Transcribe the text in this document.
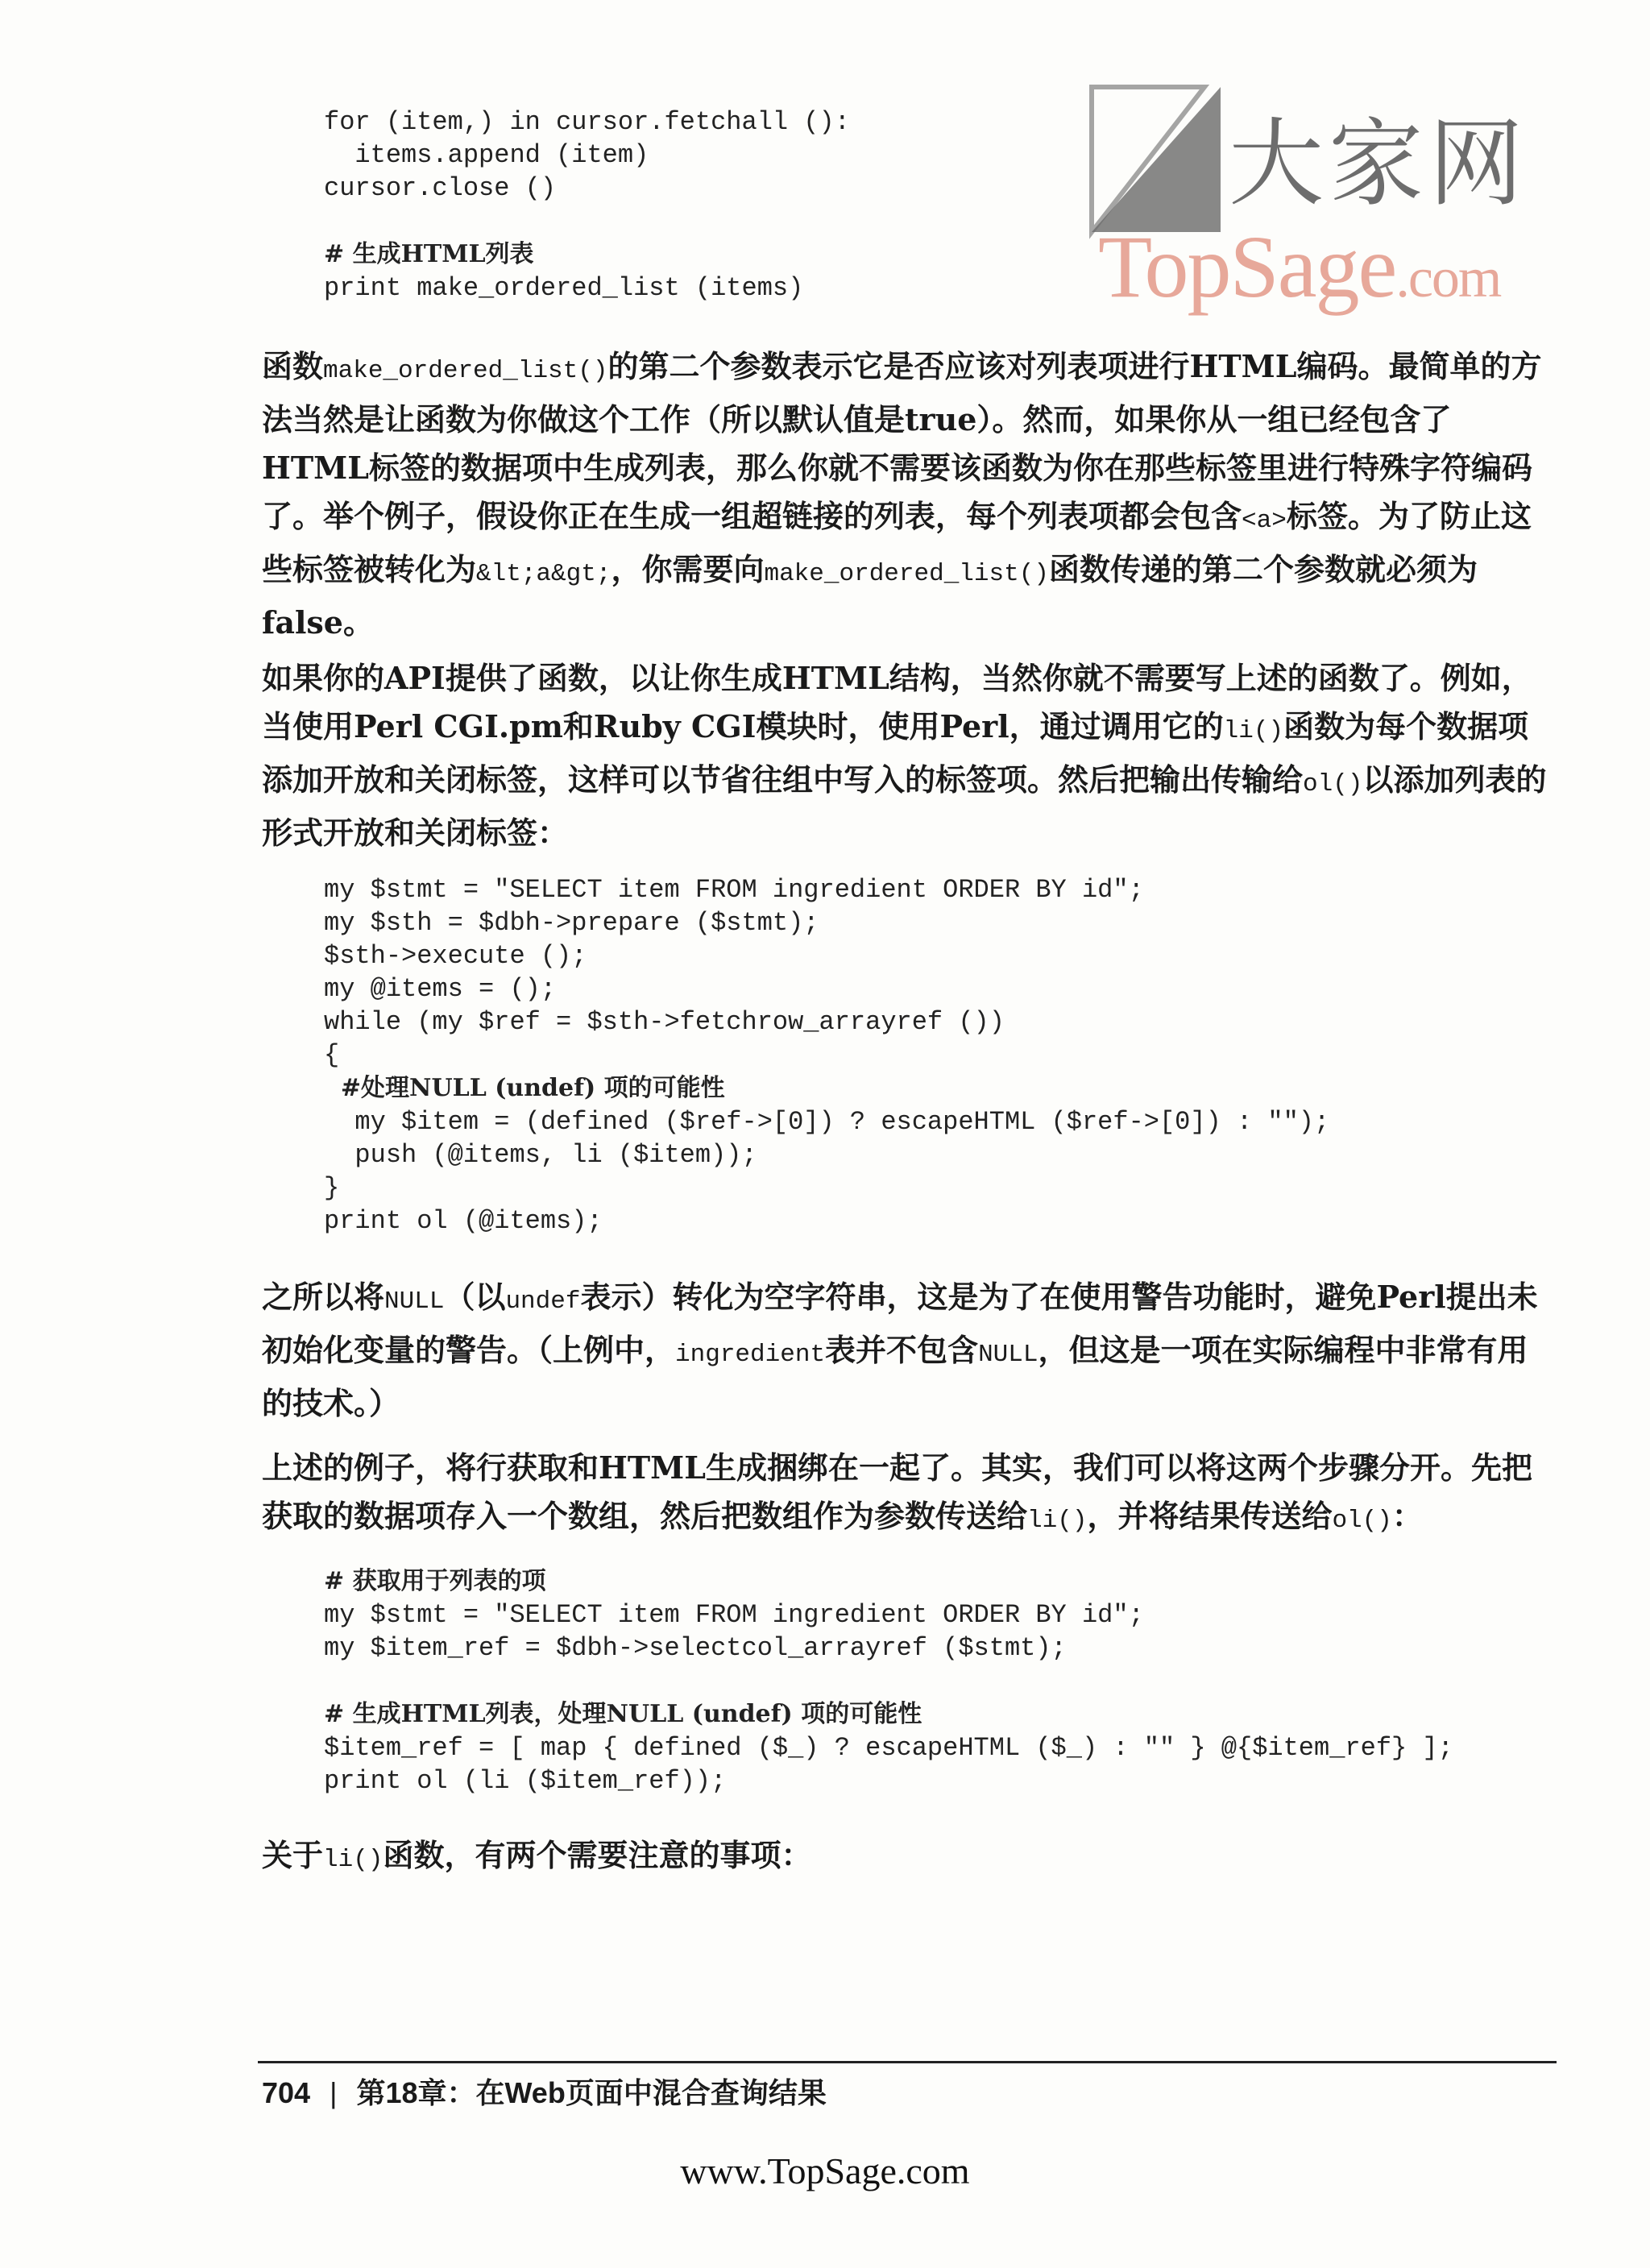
大家网
TopSage.com
for (item,) in cursor.fetchall ():
items.append (item)
cursor.close ()

# 生成HTML列表
print make_ordered_list (items)

函数make_ordered_list()的第二个参数表示它是否应该对列表项进行HTML编码。最简单的方法当然是让函数为你做这个工作（所以默认值是true）。然而，如果你从一组已经包含了HTML标签的数据项中生成列表，那么你就不需要该函数为你在那些标签里进行特殊字符编码了。举个例子，假设你正在生成一组超链接的列表，每个列表项都会包含<a>标签。为了防止这些标签被转化为&lt;a&gt;，你需要向make_ordered_list()函数传递的第二个参数就必须为false。

如果你的API提供了函数，以让你生成HTML结构，当然你就不需要写上述的函数了。例如，当使用Perl CGI.pm和Ruby CGI模块时，使用Perl，通过调用它的li()函数为每个数据项添加开放和关闭标签，这样可以节省往组中写入的标签项。然后把输出传输给ol()以添加列表的形式开放和关闭标签：

my $stmt = "SELECT item FROM ingredient ORDER BY id";
my $sth = $dbh->prepare ($stmt);
$sth->execute ();
my @items = ();
while (my $ref = $sth->fetchrow_arrayref ())
{
#处理NULL (undef) 项的可能性
my $item = (defined ($ref->[0]) ? escapeHTML ($ref->[0]) : "");
push (@items, li ($item));
}
print ol (@items);

之所以将NULL（以undef表示）转化为空字符串，这是为了在使用警告功能时，避免Perl提出未初始化变量的警告。（上例中，ingredient表并不包含NULL，但这是一项在实际编程中非常有用的技术。）

上述的例子，将行获取和HTML生成捆绑在一起了。其实，我们可以将这两个步骤分开。先把获取的数据项存入一个数组，然后把数组作为参数传送给li()，并将结果传送给ol()：

# 获取用于列表的项
my $stmt = "SELECT item FROM ingredient ORDER BY id";
my $item_ref = $dbh->selectcol_arrayref ($stmt);

# 生成HTML列表，处理NULL (undef) 项的可能性
$item_ref = [ map { defined ($_) ? escapeHTML ($_) : "" } @{$item_ref} ];
print ol (li ($item_ref));

关于li()函数，有两个需要注意的事项：

704 | 第18章：在Web页面中混合查询结果
www.TopSage.com
